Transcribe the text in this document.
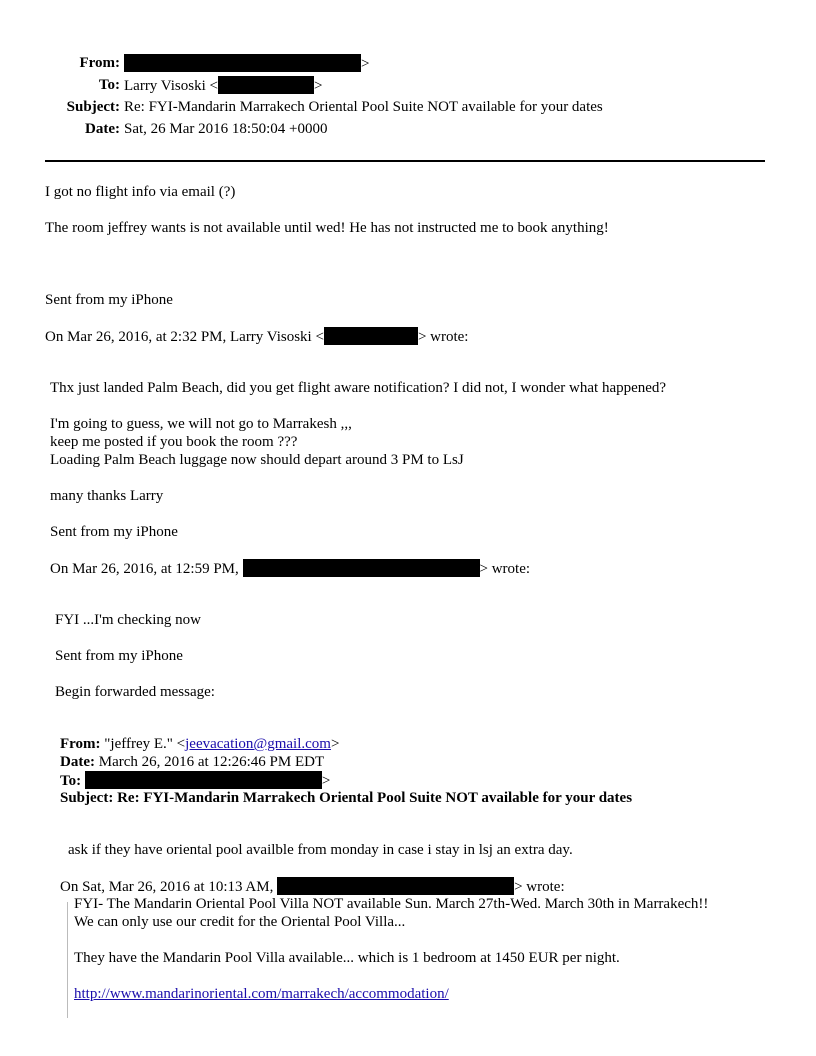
From:	>
To: Larry Visoski <	>
Subject: Re: FYI-Mandarin Marrakech Oriental Pool Suite NOT available for your dates
Date: Sat, 26 Mar 2016 18:50:04 +0000
I got no flight info via email (?)
The room jeffrey wants is not available until wed! He has not instructed me to book anything!
Sent from my iPhone
On Mar 26, 2016, at 2:32 PM, Larry Visoski <	> wrote:
Thx just landed Palm Beach, did you get flight aware notification? I did not, I wonder what happened?
I'm going to guess, we will not go to Marrakesh ,,,
keep me posted if you book the room ???
Loading Palm Beach luggage now should depart around 3 PM to LsJ
many thanks Larry
Sent from my iPhone
On Mar 26, 2016, at 12:59 PM,	> wrote:
FYI ...I'm checking now
Sent from my iPhone
Begin forwarded message:
From: "jeffrey E." <jeevacation@gmail.com>
Date: March 26, 2016 at 12:26:46 PM EDT
To:	>
Subject: Re: FYI-Mandarin Marrakech Oriental Pool Suite NOT available for your dates
ask if they have oriental pool availble from monday in case i stay in lsj an extra day.
On Sat, Mar 26, 2016 at 10:13 AM,	> wrote:
FYI- The Mandarin Oriental Pool Villa NOT available Sun. March 27th-Wed. March 30th in Marrakech!!
We can only use our credit for the Oriental Pool Villa...
They have the Mandarin Pool Villa available... which is 1 bedroom at 1450 EUR per night.
http://www.mandarinoriental.com/marrakech/accommodation/
